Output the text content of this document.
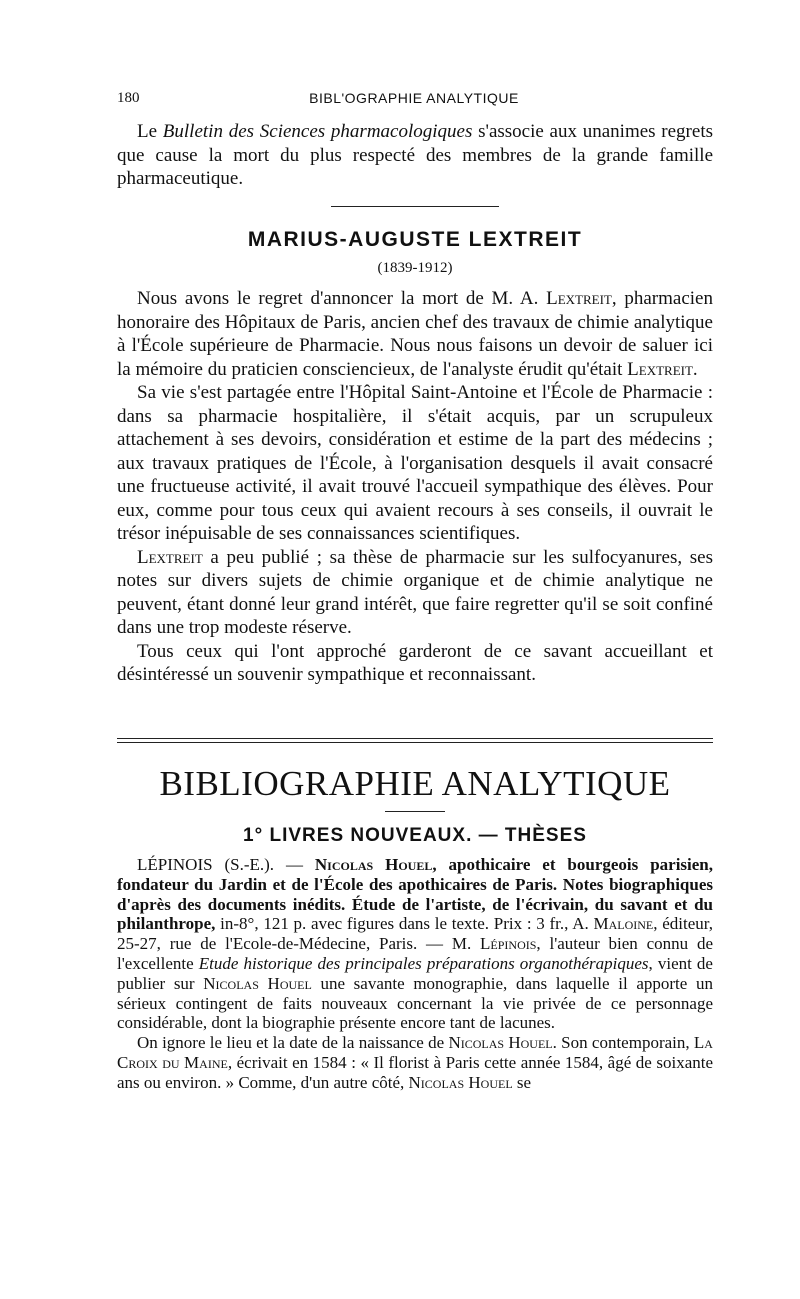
180	BIBL'OGRAPHIE ANALYTIQUE

Le Bulletin des Sciences pharmacologiques s'associe aux unanimes regrets que cause la mort du plus respecté des membres de la grande famille pharmaceutique.

MARIUS-AUGUSTE LEXTREIT
(1839-1912)

Nous avons le regret d'annoncer la mort de M. A. Lextreit, pharmacien honoraire des Hôpitaux de Paris, ancien chef des travaux de chimie analytique à l'École supérieure de Pharmacie. Nous nous faisons un devoir de saluer ici la mémoire du praticien consciencieux, de l'analyste érudit qu'était Lextreit.

Sa vie s'est partagée entre l'Hôpital Saint-Antoine et l'École de Pharmacie : dans sa pharmacie hospitalière, il s'était acquis, par un scrupuleux attachement à ses devoirs, considération et estime de la part des médecins ; aux travaux pratiques de l'École, à l'organisation desquels il avait consacré une fructueuse activité, il avait trouvé l'accueil sympathique des élèves. Pour eux, comme pour tous ceux qui avaient recours à ses conseils, il ouvrait le trésor inépuisable de ses connaissances scientifiques.

Lextreit a peu publié ; sa thèse de pharmacie sur les sulfocyanures, ses notes sur divers sujets de chimie organique et de chimie analytique ne peuvent, étant donné leur grand intérêt, que faire regretter qu'il se soit confiné dans une trop modeste réserve.

Tous ceux qui l'ont approché garderont de ce savant accueillant et désintéressé un souvenir sympathique et reconnaissant.

BIBLIOGRAPHIE ANALYTIQUE
1° LIVRES NOUVEAUX. — THÈSES

LÉPINOIS (S.-E.). — Nicolas Houel, apothicaire et bourgeois parisien, fondateur du Jardin et de l'École des apothicaires de Paris. Notes biographiques d'après des documents inédits. Étude de l'artiste, de l'écrivain, du savant et du philanthrope, in-8°, 121 p. avec figures dans le texte. Prix : 3 fr., A. Maloine, éditeur, 25-27, rue de l'Ecole-de-Médecine, Paris. — M. Lépinois, l'auteur bien connu de l'excellente Etude historique des principales préparations organothérapiques, vient de publier sur Nicolas Houel une savante monographie, dans laquelle il apporte un sérieux contingent de faits nouveaux concernant la vie privée de ce personnage considérable, dont la biographie présente encore tant de lacunes.

On ignore le lieu et la date de la naissance de Nicolas Houel. Son contemporain, La Croix du Maine, écrivait en 1584 : « Il florist à Paris cette année 1584, âgé de soixante ans ou environ. » Comme, d'un autre côté, Nicolas Houel se
